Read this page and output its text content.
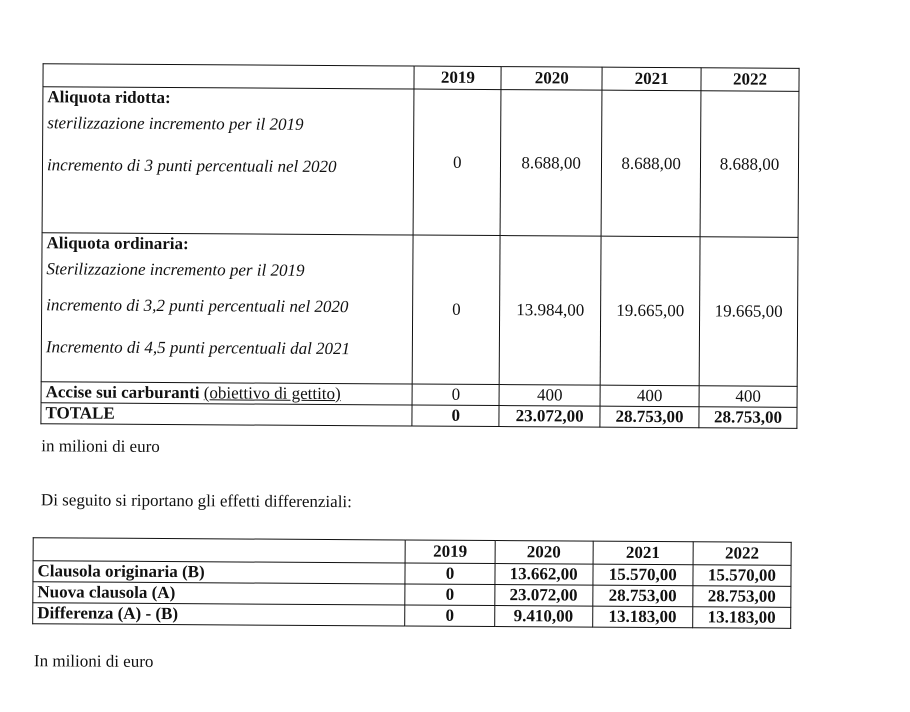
	2019	2020	2021	2022

Aliquota ridotta:
sterilizzazione incremento per il 2019
incremento di 3 punti percentuali nel 2020	0	8.688,00	8.688,00	8.688,00

Aliquota ordinaria:
Sterilizzazione incremento per il 2019
incremento di 3,2 punti percentuali nel 2020
Incremento di 4,5 punti percentuali dal 2021	0	13.984,00	19.665,00	19.665,00
Accise sui carburanti (obiettivo di gettito)	0	400	400	400
TOTALE	0	23.072,00	28.753,00	28.753,00
in milioni di euro
Di seguito si riportano gli effetti differenziali:
	2019	2020	2021	2022
Clausola originaria (B)	0	13.662,00	15.570,00	15.570,00
Nuova clausola (A)	0	23.072,00	28.753,00	28.753,00
Differenza (A) - (B)	0	9.410,00	13.183,00	13.183,00
In milioni di euro
